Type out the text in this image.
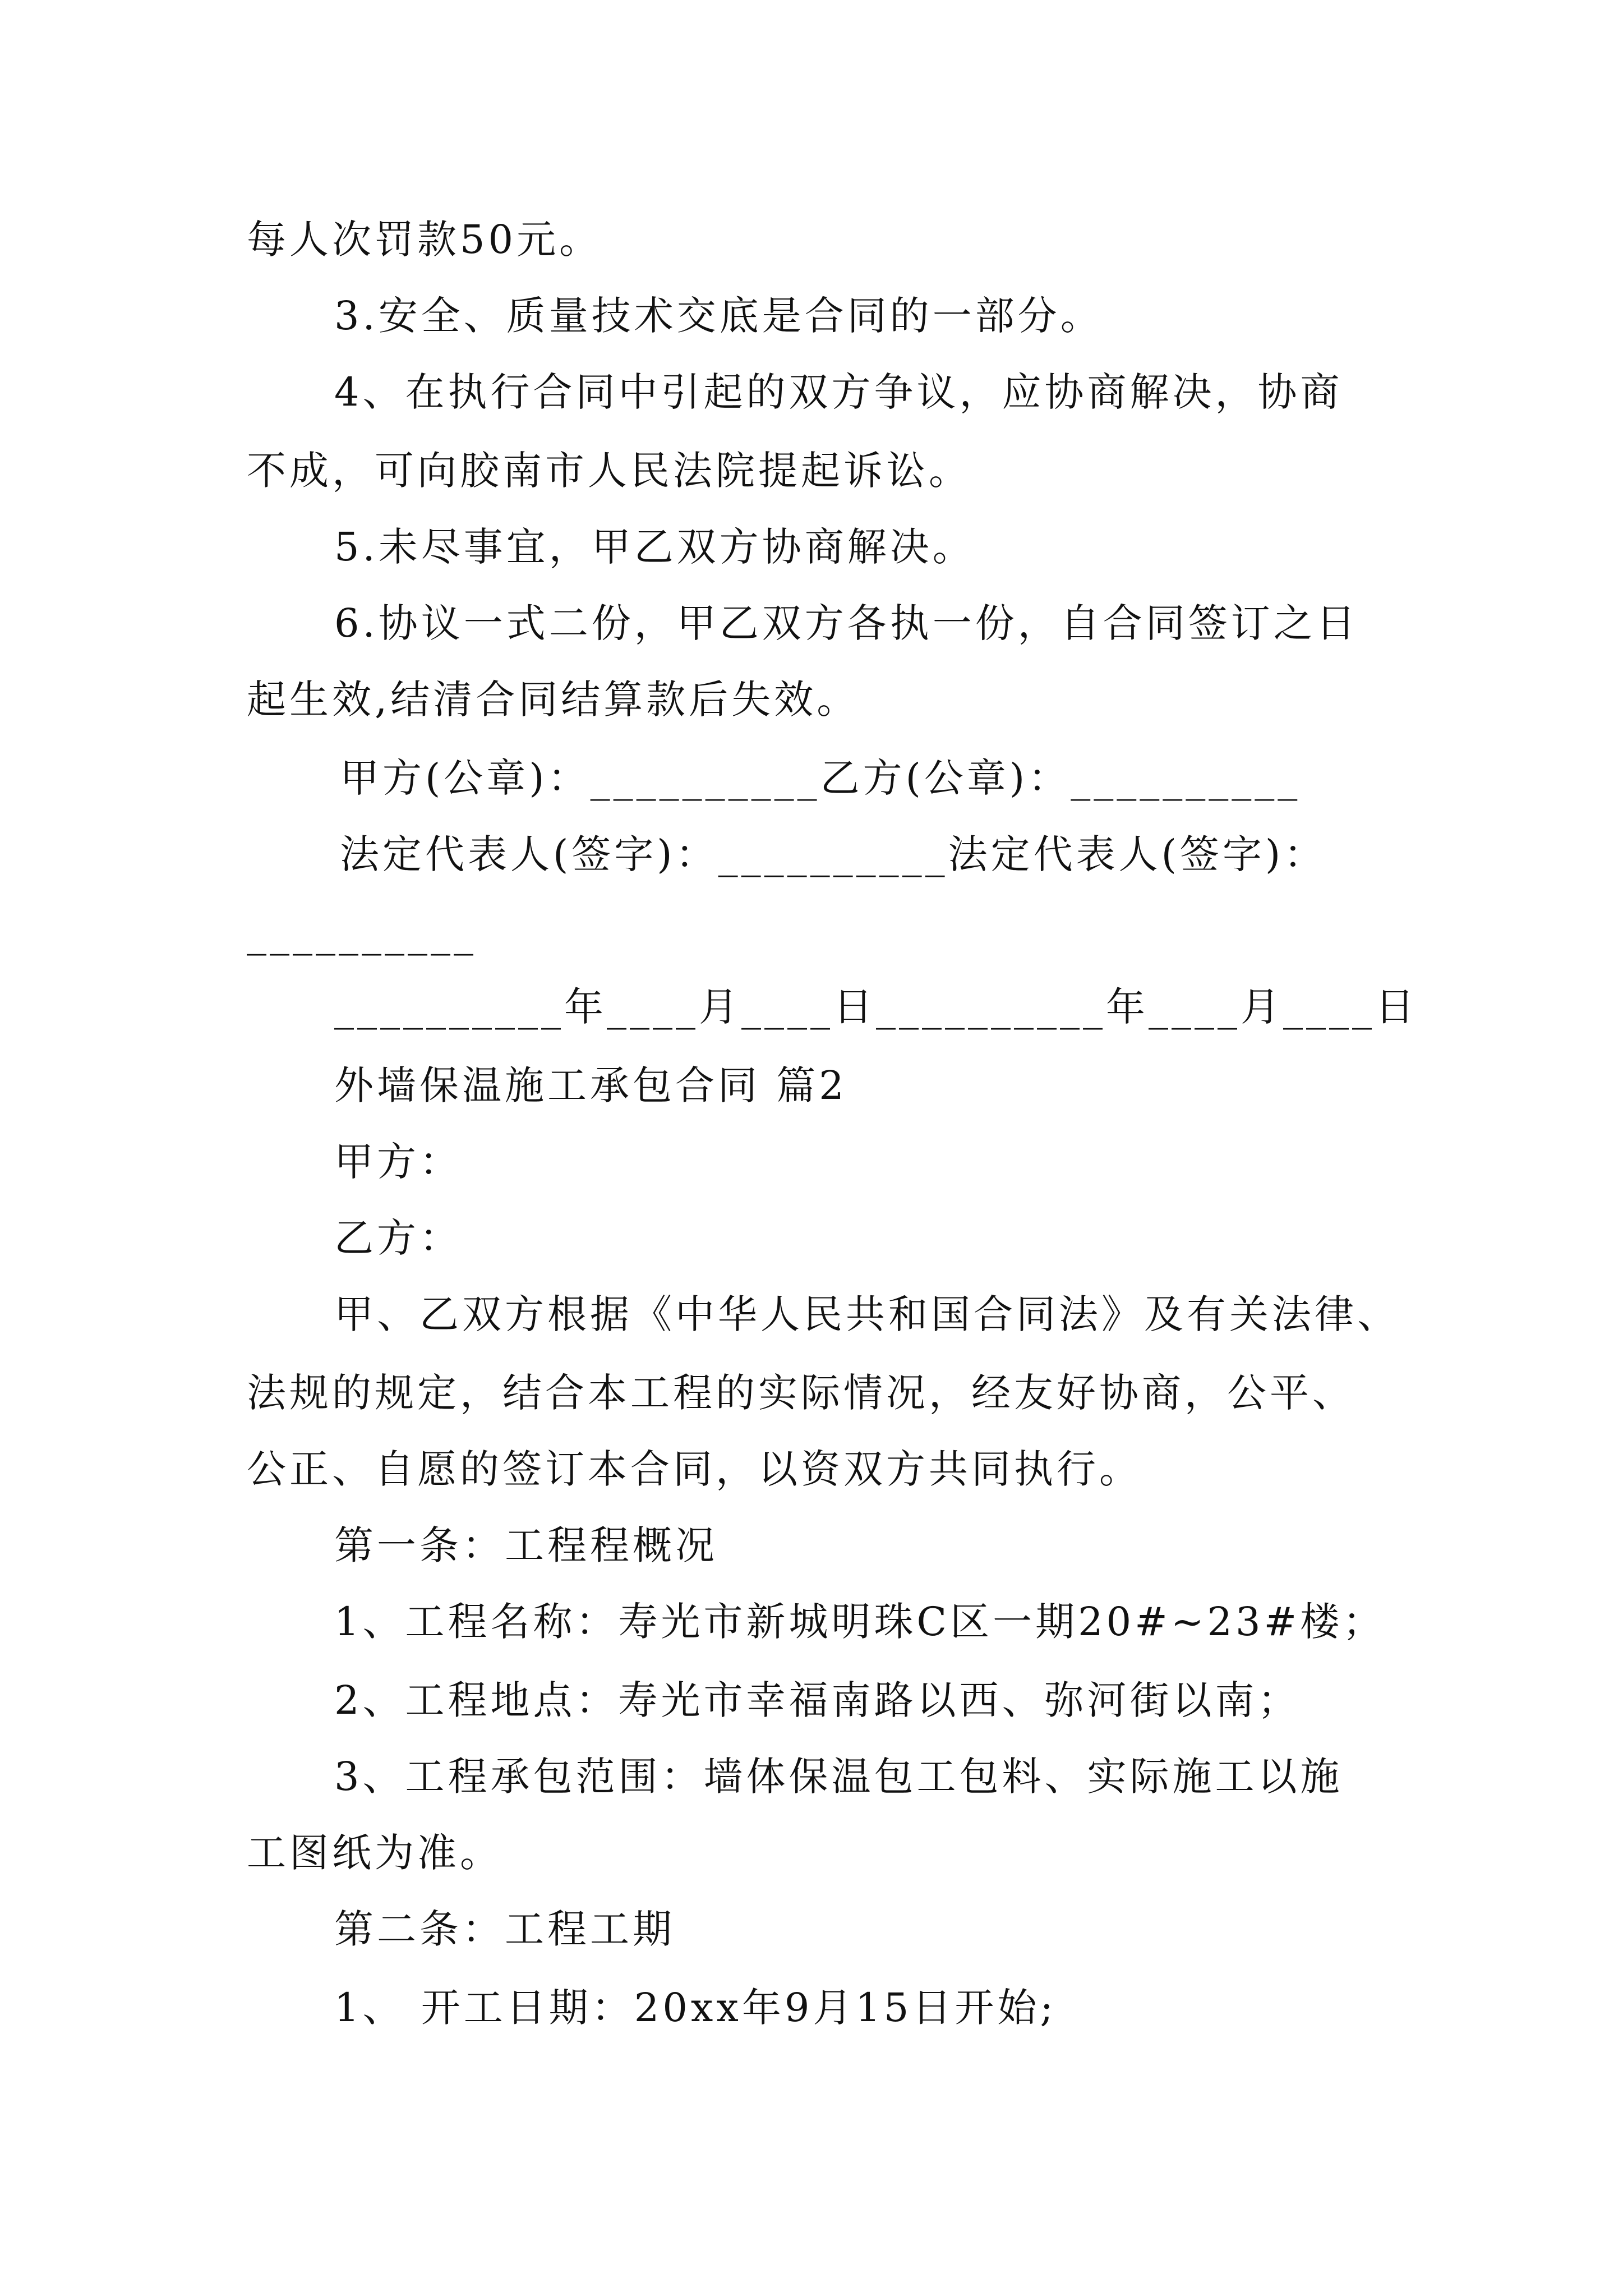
每人次罚款50元。
3.安全、质量技术交底是合同的一部分。
4、在执行合同中引起的双方争议，应协商解决，协商
不成，可向胶南市人民法院提起诉讼。
5.未尽事宜，甲乙双方协商解决。
6.协议一式二份，甲乙双方各执一份，自合同签订之日
起生效,结清合同结算款后失效。
甲方(公章)：__________乙方(公章)：__________
法定代表人(签字)：__________法定代表人(签字)：
__________
__________年____月____日__________年____月____日
外墙保温施工承包合同 篇2
甲方：
乙方：
甲、乙双方根据《中华人民共和国合同法》及有关法律、
法规的规定，结合本工程的实际情况，经友好协商，公平、
公正、自愿的签订本合同，以资双方共同执行。
第一条：工程程概况
1、工程名称：寿光市新城明珠C区一期20#~23#楼；
2、工程地点：寿光市幸福南路以西、弥河街以南；
3、工程承包范围：墙体保温包工包料、实际施工以施
工图纸为准。
第二条：工程工期
1、 开工日期：20xx年9月15日开始;
